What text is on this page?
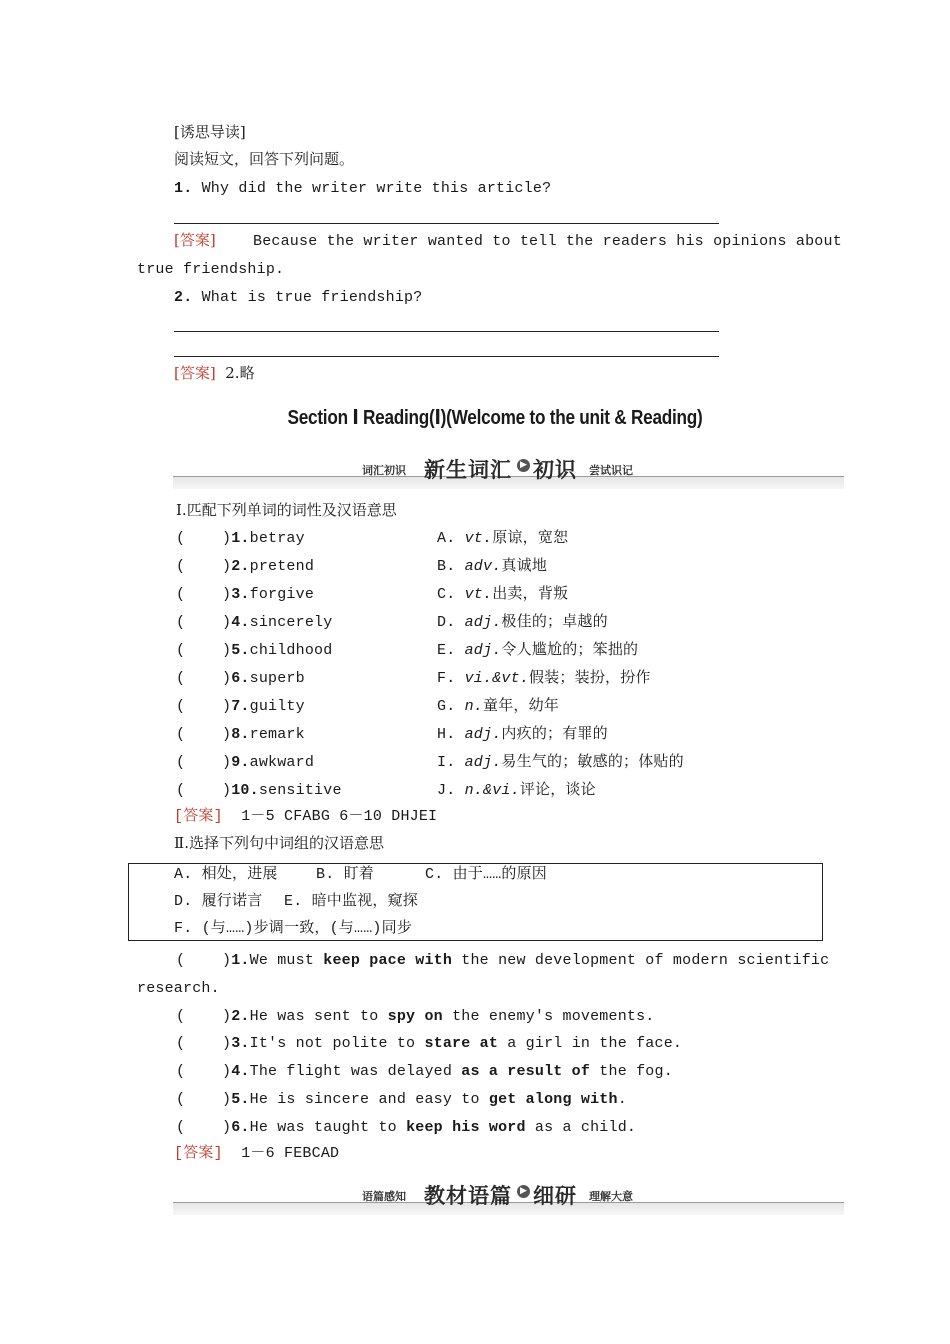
[诱思导读]
阅读短文，回答下列问题。
1. Why did the writer write this article?
[答案] Because the writer wanted to tell the readers his opinions about
true friendship.
2. What is true friendship?
[答案] 2.略
Section Ⅰ Reading(Ⅰ)(Welcome to the unit & Reading)
词汇初识 新生词汇 ▶ 初识 尝试识记
Ⅰ.匹配下列单词的词性及汉语意思
(    )1.betray	A. vt.原谅，宽恕
(    )2.pretend	B. adv.真诚地
(    )3.forgive	C. vt.出卖，背叛
(    )4.sincerely	D. adj.极佳的；卓越的
(    )5.childhood	E. adj.令人尴尬的；笨拙的
(    )6.superb	F. vi.&vt.假装；装扮，扮作
(    )7.guilty	G. n.童年，幼年
(    )8.remark	H. adj.内疚的；有罪的
(    )9.awkward	I. adj.易生气的；敏感的；体贴的
(    )10.sensitive	J. n.&vi.评论，谈论
[答案] 1－5 CFABG 6－10 DHJEI
Ⅱ.选择下列句中词组的汉语意思
A. 相处，进展	B. 盯着	C. 由于……的原因
D. 履行诺言 E. 暗中监视，窥探
F. (与……)步调一致，(与……)同步
(    )1.We must keep pace with the new development of modern scientific
research.
(    )2.He was sent to spy on the enemy's movements.
(    )3.It's not polite to stare at a girl in the face.
(    )4.The flight was delayed as a result of the fog.
(    )5.He is sincere and easy to get along with.
(    )6.He was taught to keep his word as a child.
[答案] 1－6 FEBCAD
语篇感知 教材语篇 ▶ 细研 理解大意
